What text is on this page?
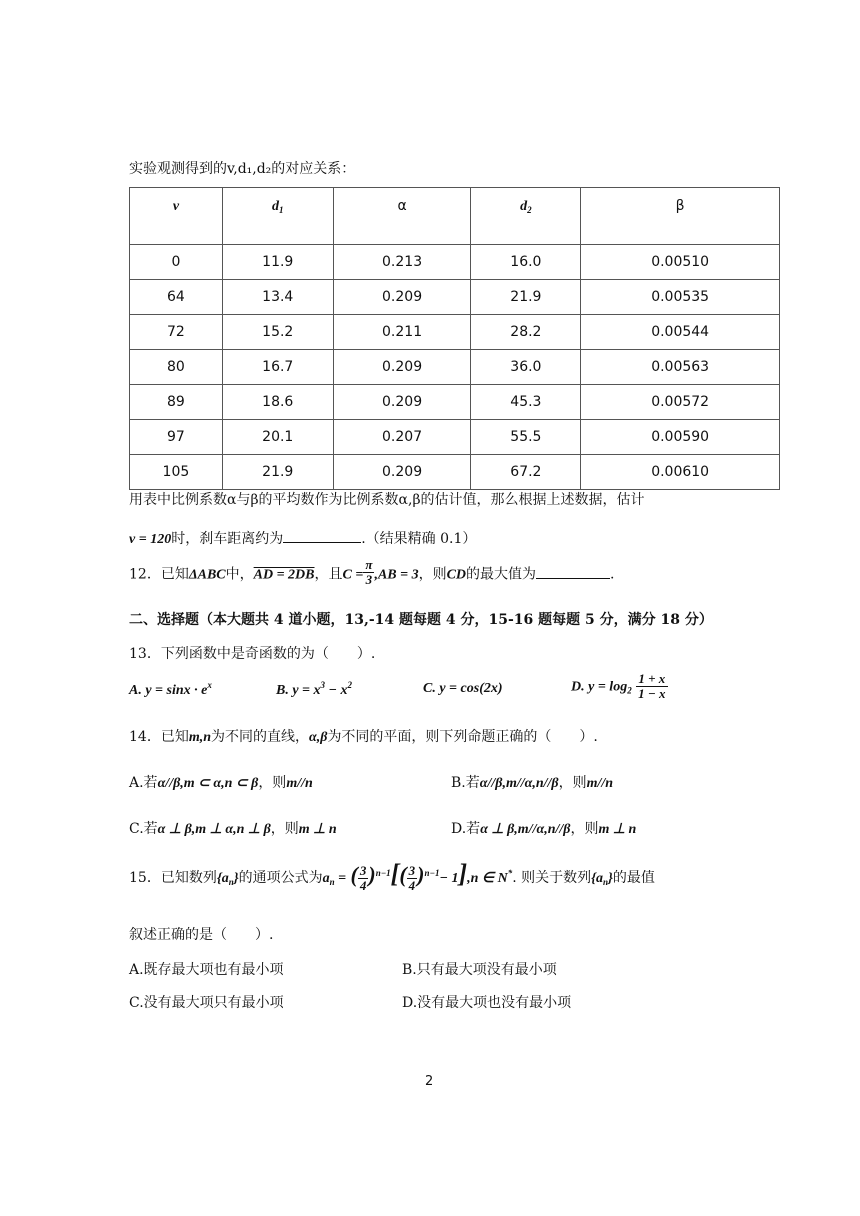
实验观测得到的v,d₁,d₂的对应关系：
v	$d_1$	α	$d_2$	β
0	11.9	0.213	16.0	0.00510
64	13.4	0.209	21.9	0.00535
72	15.2	0.211	28.2	0.00544
80	16.7	0.209	36.0	0.00563
89	18.6	0.209	45.3	0.00572
97	20.1	0.207	55.5	0.00590
105	21.9	0.209	67.2	0.00610
用表中比例系数α与β的平均数作为比例系数α,β的估计值，那么根据上述数据，估计
v = 120时，刹车距离约为	.（结果精确 0.1）
12．已知ΔABC中，AD = 2DB，且$C = \frac{\pi}{3} ,AB = 3$，则CD的最大值为	.
二、选择题（本大题共 4 道小题，13,-14 题每题 4 分，15-16 题每题 5 分，满分 18 分）
13．下列函数中是奇函数的为（　　）.
A. $y = \sin x \cdot e^x$	B. $y = x^3 - x^2$	C. y = cos(2x)	D. $y = \log_2 \frac{1 + x}{1 - x}$
14．已知m,n为不同的直线，α,β为不同的平面，则下列命题正确的（　　）.
A.若α//β,m ⊂ α,n ⊂ β，则m//n	B.若α//β,m//α,n//β，则m//n
C.若α ⊥ β,m ⊥ α,n ⊥ β，则m ⊥ n	D.若α ⊥ β,m//α,n//β，则m ⊥ n
15．已知数列$\{a_n\}$的通项公式为$a_n$ = ( $\frac{3}{4} )^{n-1}[( \frac{3}{4} )^{n-1}- 1],n$ ∈ N*. 则关于数列$\{a_n\}$的最值
叙述正确的是（　　）.
A.既存最大项也有最小项	B.只有最大项没有最小项
C.没有最大项只有最小项	D.没有最大项也没有最小项
2
